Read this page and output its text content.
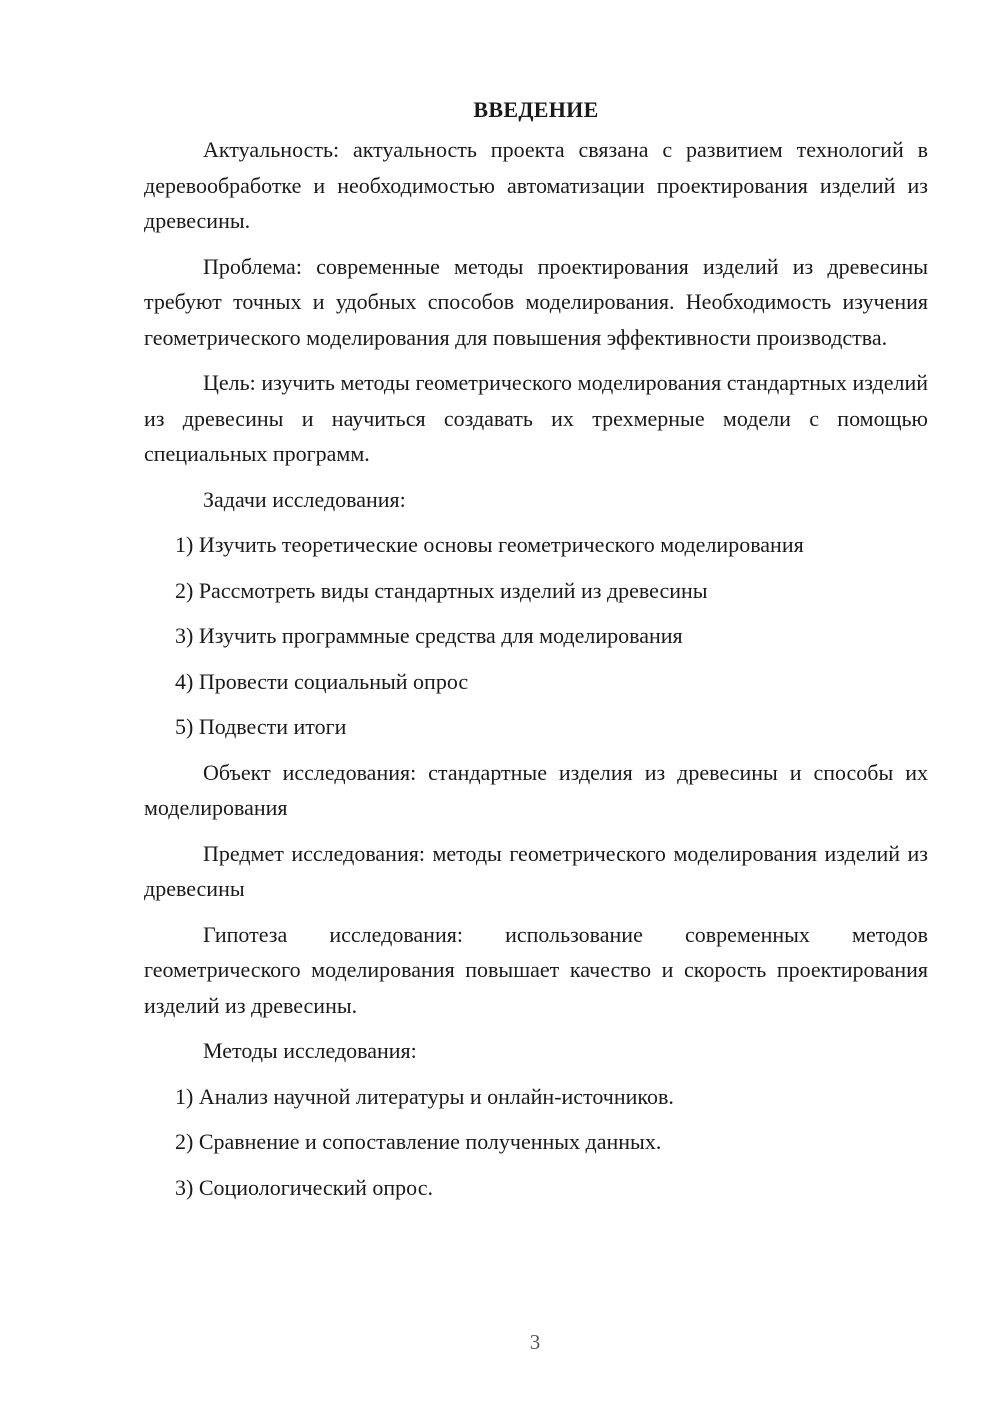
ВВЕДЕНИЕ

Актуальность: актуальность проекта связана с развитием технологий в деревообработке и необходимостью автоматизации проектирования изделий из древесины.

Проблема: современные методы проектирования изделий из древесины требуют точных и удобных способов моделирования. Необходимость изучения геометрического моделирования для повышения эффективности производства.

Цель: изучить методы геометрического моделирования стандартных изделий из древесины и научиться создавать их трехмерные модели с помощью специальных программ.

Задачи исследования:

1) Изучить теоретические основы геометрического моделирования

2) Рассмотреть виды стандартных изделий из древесины

3) Изучить программные средства для моделирования

4) Провести социальный опрос

5) Подвести итоги

Объект исследования: стандартные изделия из древесины и способы их моделирования

Предмет исследования: методы геометрического моделирования изделий из древесины

Гипотеза исследования: использование современных методов геометрического моделирования повышает качество и скорость проектирования изделий из древесины.

Методы исследования:

1) Анализ научной литературы и онлайн-источников.

2) Сравнение и сопоставление полученных данных.

3) Социологический опрос.

3
